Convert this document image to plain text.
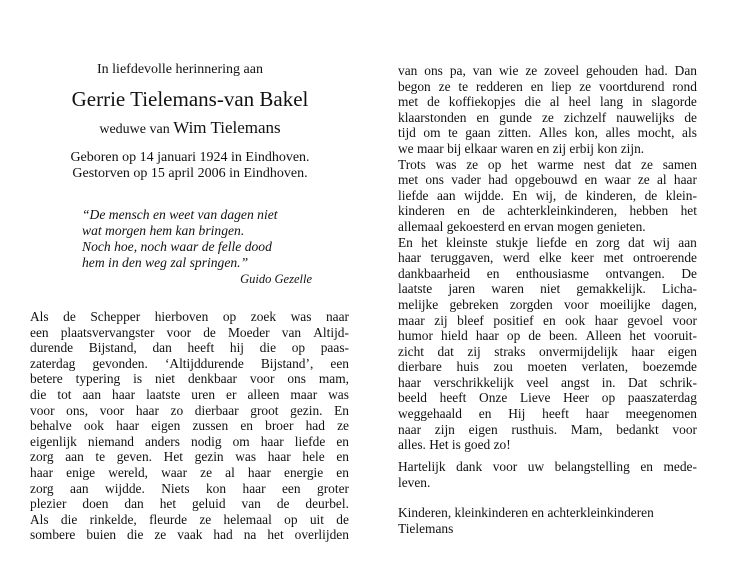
In liefdevolle herinnering aan
Gerrie Tielemans-van Bakel
weduwe van Wim Tielemans
Geboren op 14 januari 1924 in Eindhoven.
Gestorven op 15 april 2006 in Eindhoven.
“De mensch en weet van dagen niet
wat morgen hem kan bringen.
Noch hoe, noch waar de felle dood
hem in den weg zal springen.”
Guido Gezelle
Als de Schepper hierboven op zoek was naar
een plaatsvervangster voor de Moeder van Altijd-
durende Bijstand, dan heeft hij die op paas-
zaterdag gevonden. ‘Altijddurende Bijstand’, een
betere typering is niet denkbaar voor ons mam,
die tot aan haar laatste uren er alleen maar was
voor ons, voor haar zo dierbaar groot gezin. En
behalve ook haar eigen zussen en broer had ze
eigenlijk niemand anders nodig om haar liefde en
zorg aan te geven. Het gezin was haar hele en
haar enige wereld, waar ze al haar energie en
zorg aan wijdde. Niets kon haar een groter
plezier doen dan het geluid van de deurbel.
Als die rinkelde, fleurde ze helemaal op uit de
sombere buien die ze vaak had na het overlijden
van ons pa, van wie ze zoveel gehouden had. Dan
begon ze te redderen en liep ze voortdurend rond
met de koffiekopjes die al heel lang in slagorde
klaarstonden en gunde ze zichzelf nauwelijks de
tijd om te gaan zitten. Alles kon, alles mocht, als
we maar bij elkaar waren en zij erbij kon zijn.
Trots was ze op het warme nest dat ze samen
met ons vader had opgebouwd en waar ze al haar
liefde aan wijdde. En wij, de kinderen, de klein-
kinderen en de achterkleinkinderen, hebben het
allemaal gekoesterd en ervan mogen genieten.
En het kleinste stukje liefde en zorg dat wij aan
haar teruggaven, werd elke keer met ontroerende
dankbaarheid en enthousiasme ontvangen. De
laatste jaren waren niet gemakkelijk. Licha-
melijke gebreken zorgden voor moeilijke dagen,
maar zij bleef positief en ook haar gevoel voor
humor hield haar op de been. Alleen het vooruit-
zicht dat zij straks onvermijdelijk haar eigen
dierbare huis zou moeten verlaten, boezemde
haar verschrikkelijk veel angst in. Dat schrik-
beeld heeft Onze Lieve Heer op paaszaterdag
weggehaald en Hij heeft haar meegenomen
naar zijn eigen rusthuis. Mam, bedankt voor
alles. Het is goed zo!
Hartelijk dank voor uw belangstelling en mede-
leven.
Kinderen, kleinkinderen en achterkleinkinderen
Tielemans
